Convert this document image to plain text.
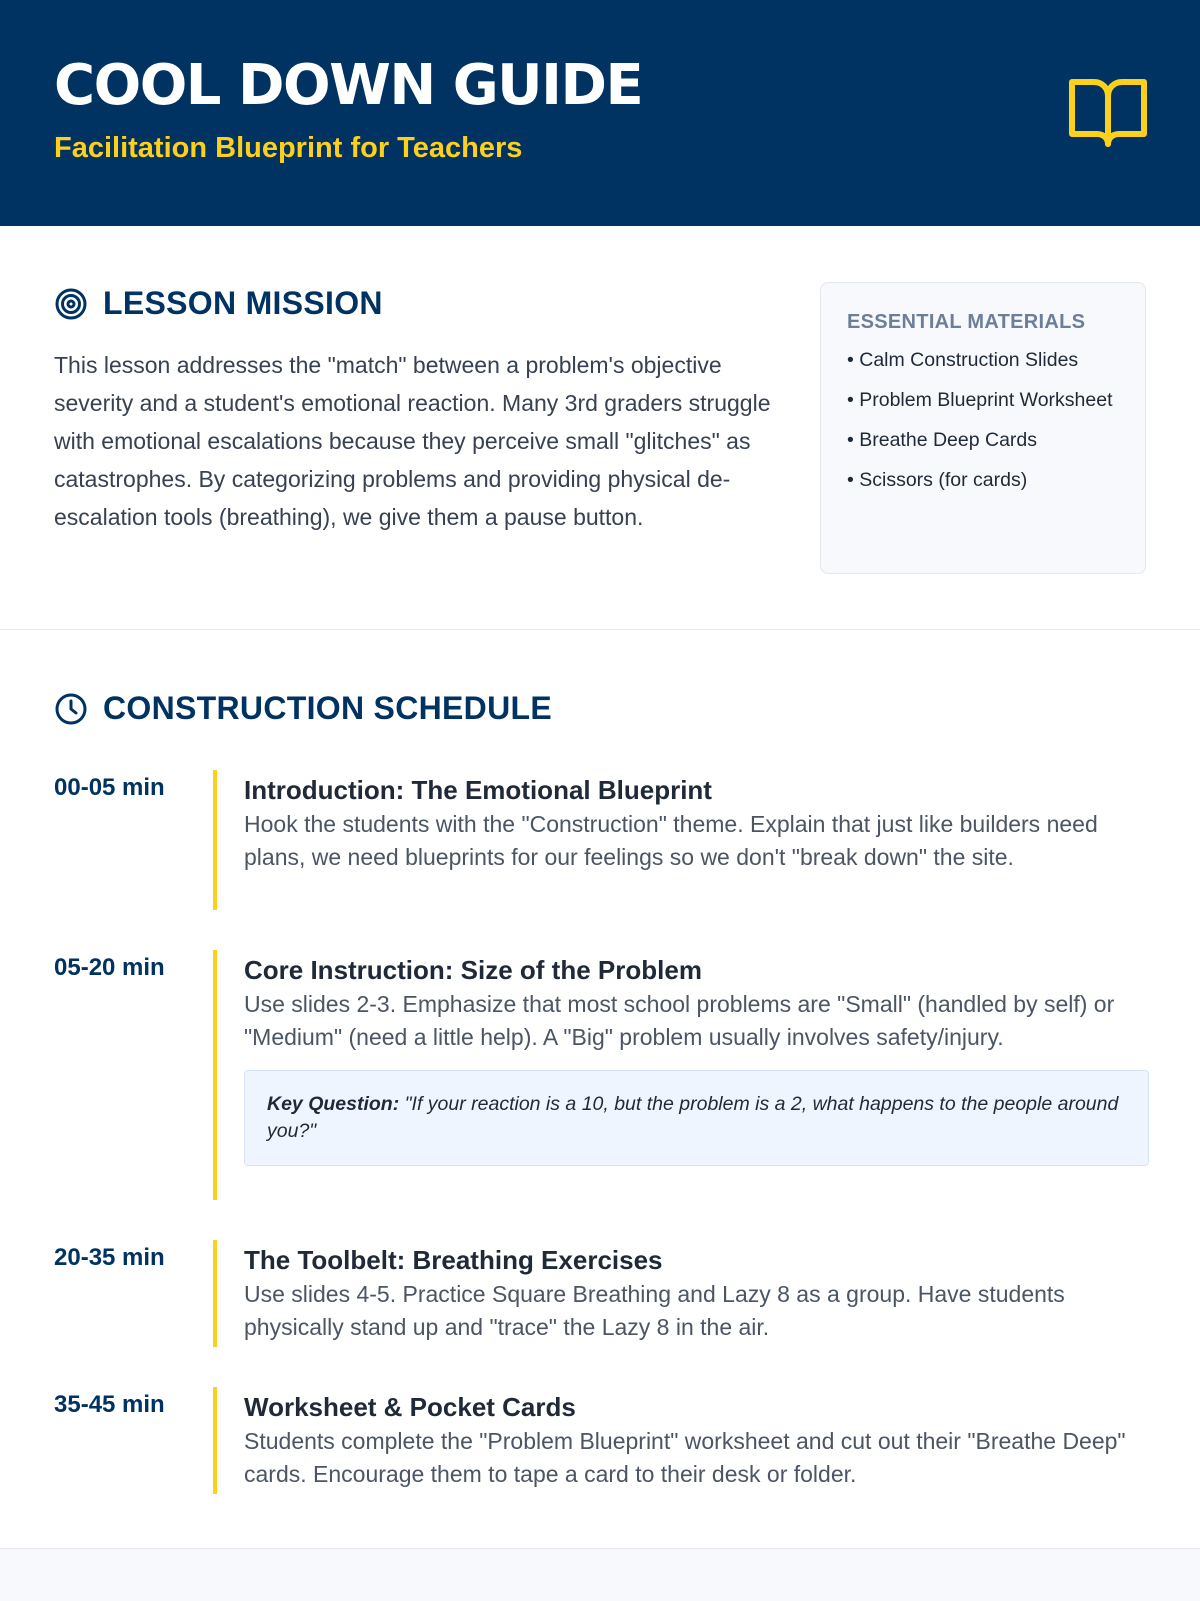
COOL DOWN GUIDE
Facilitation Blueprint for Teachers
LESSON MISSION

This lesson addresses the "match" between a problem's objective severity and a student's emotional reaction. Many 3rd graders struggle with emotional escalations because they perceive small "glitches" as catastrophes. By categorizing problems and providing physical de-escalation tools (breathing), we give them a pause button.

ESSENTIAL MATERIALS
• Calm Construction Slides
• Problem Blueprint Worksheet
• Breathe Deep Cards
• Scissors (for cards)
CONSTRUCTION SCHEDULE
00-05 min	Introduction: The Emotional Blueprint

Hook the students with the "Construction" theme. Explain that just like builders need plans, we need blueprints for our feelings so we don't "break down" the site.

05-20 min	Core Instruction: Size of the Problem

Use slides 2-3. Emphasize that most school problems are "Small" (handled by self) or "Medium" (need a little help). A "Big" problem usually involves safety/injury.

Key Question: "If your reaction is a 10, but the problem is a 2, what happens to the people around you?"
20-35 min	The Toolbelt: Breathing Exercises

Use slides 4-5. Practice Square Breathing and Lazy 8 as a group. Have students physically stand up and "trace" the Lazy 8 in the air.

35-45 min	Worksheet & Pocket Cards

Students complete the "Problem Blueprint" worksheet and cut out their "Breathe Deep" cards. Encourage them to tape a card to their desk or folder.
